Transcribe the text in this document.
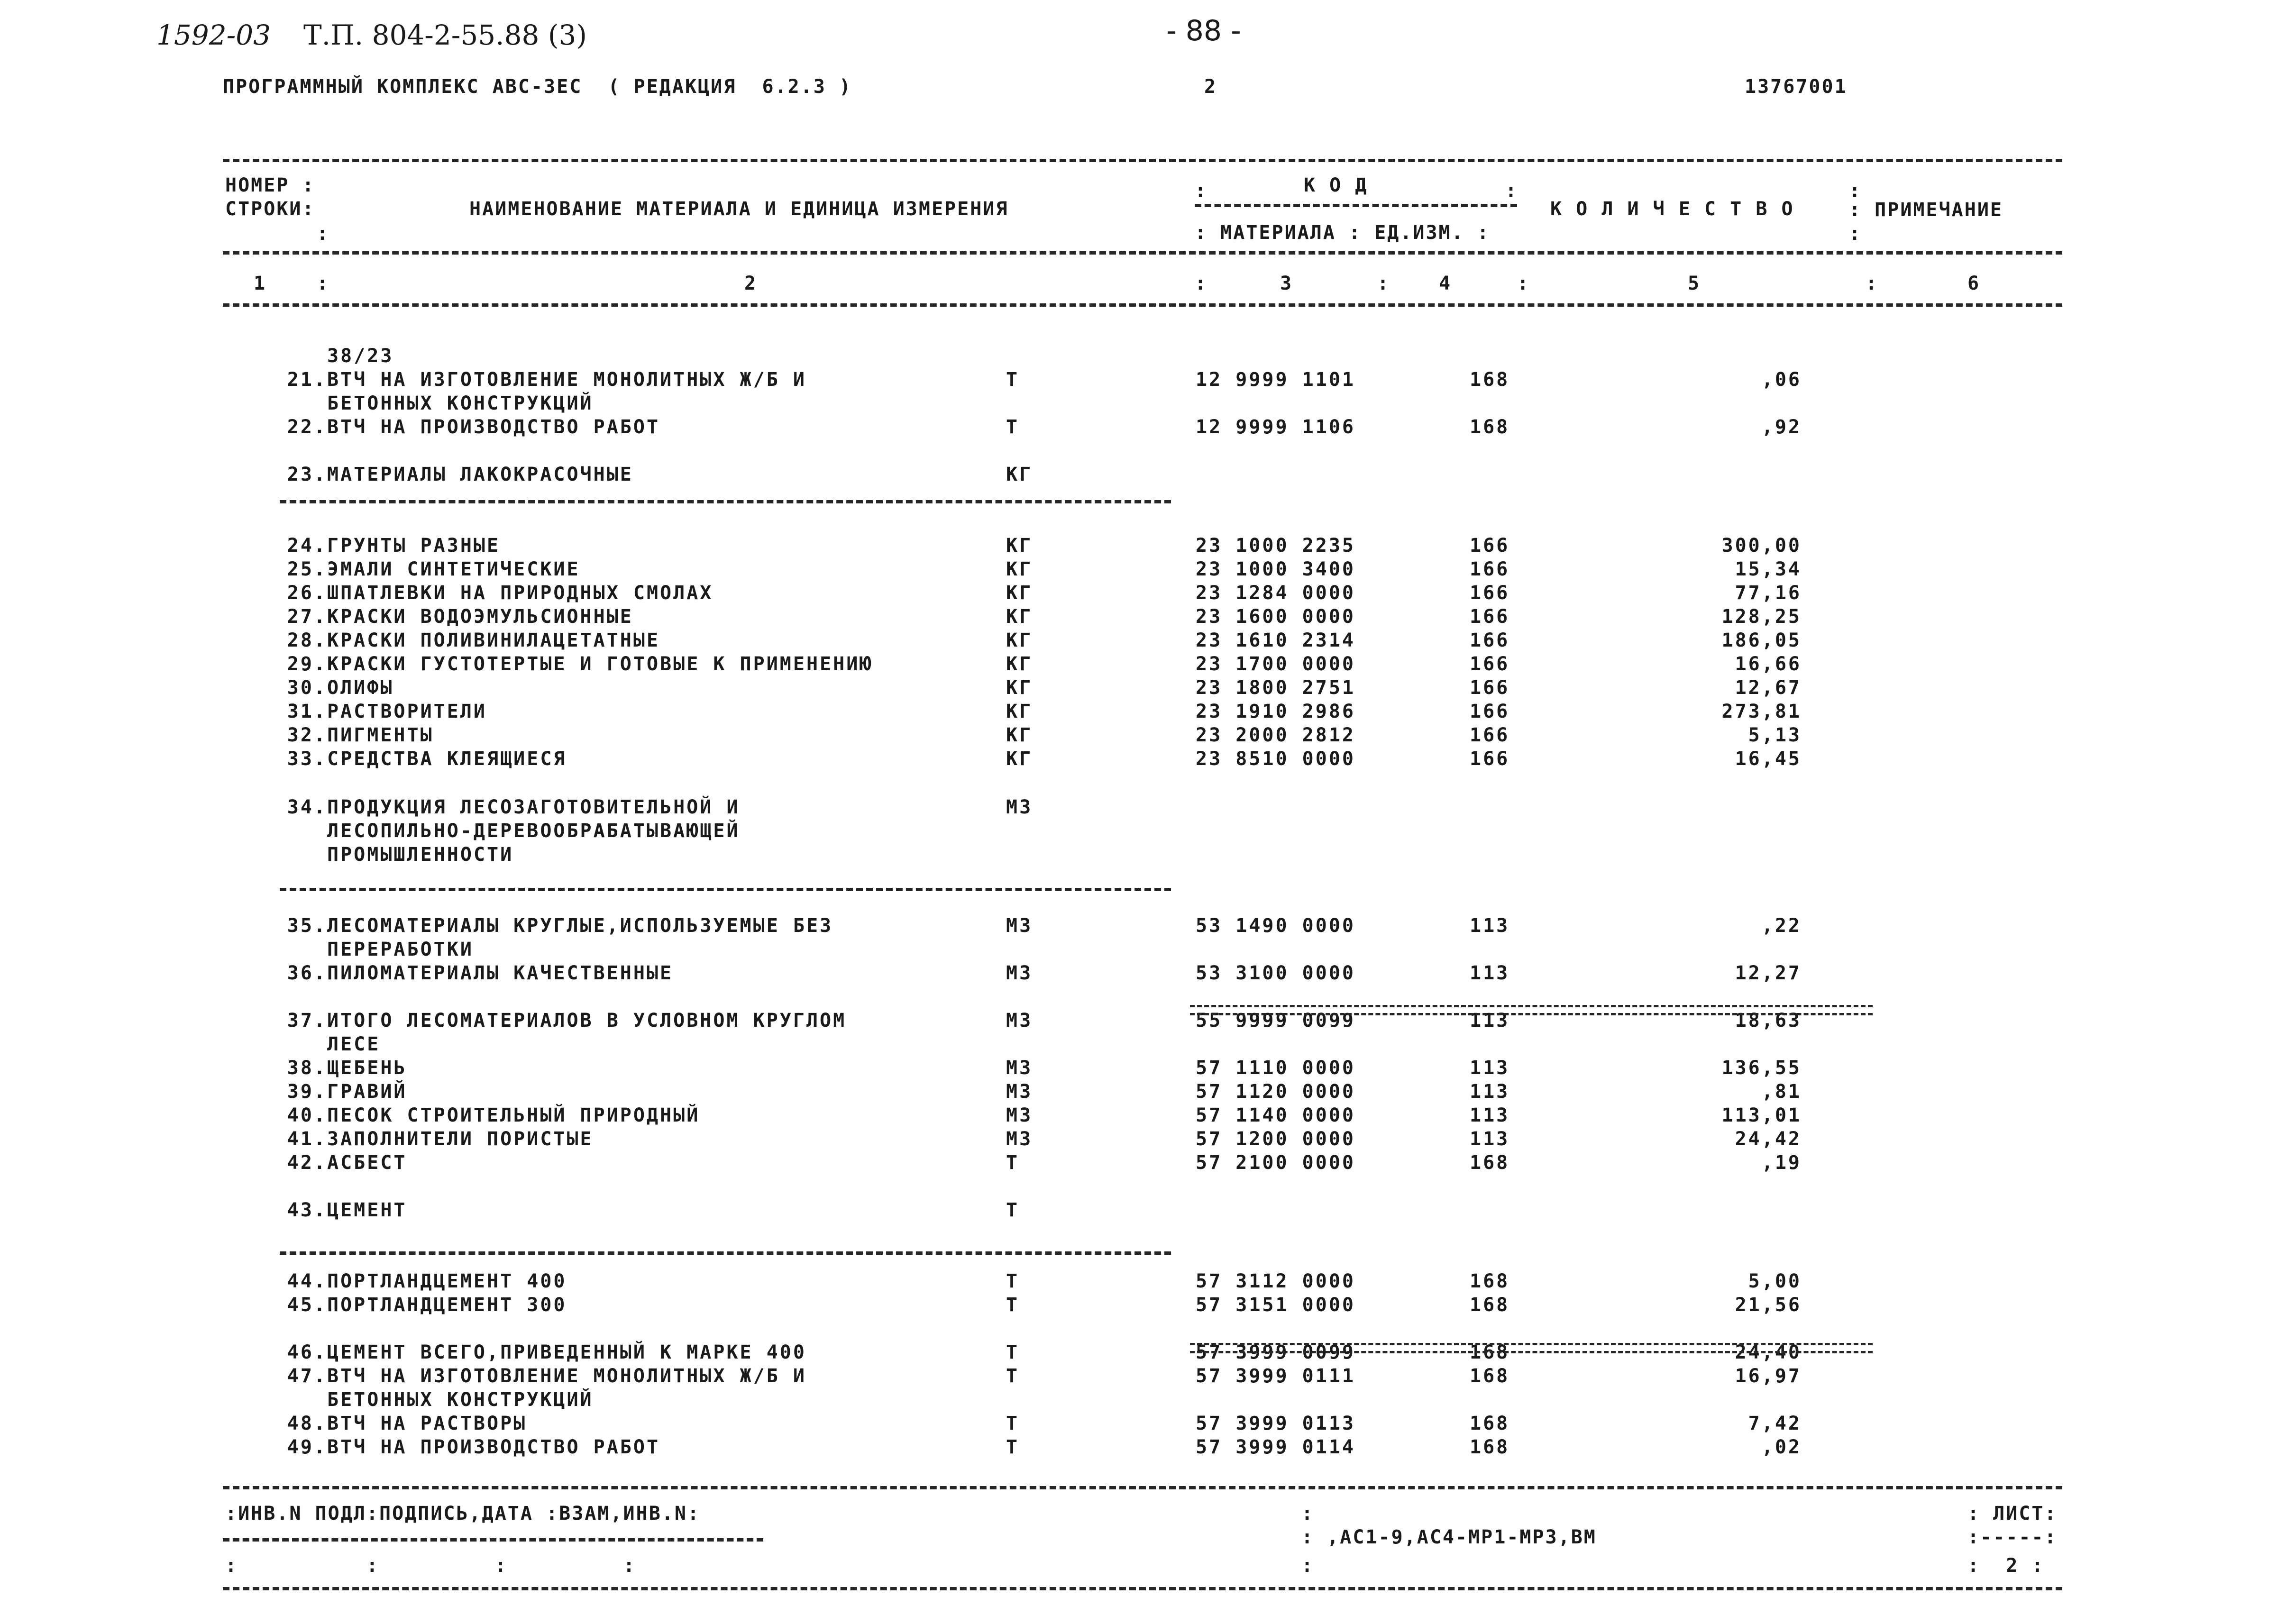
1592-03 Т.П. 804-2-55.88 (3)	- 88 -
ПРОГРАММНЫЙ КОМПЛЕКС АВС-3ЕС  ( РЕДАКЦИЯ  6.2.3 )	2	13767001
НОМЕР :
СТРОКИ:
:
НАИМЕНОВАНИЕ МАТЕРИАЛА И ЕДИНИЦА ИЗМЕРЕНИЯ
:	К О Д	:
: МАТЕРИАЛА : ЕД.ИЗМ. :
К О Л И Ч Е С Т В О
:
: ПРИМЕЧАНИЕ
:
1	:	2	:	3	:	4	:	5	:	6
38/23
21. ВТЧ НА ИЗГОТОВЛЕНИЕ МОНОЛИТНЫХ Ж/Б И	Т	12 9999 1101	168	,06
БЕТОННЫХ КОНСТРУКЦИЙ
22. ВТЧ НА ПРОИЗВОДСТВО РАБОТ	Т	12 9999 1106	168	,92
23. МАТЕРИАЛЫ ЛАКОКРАСОЧНЫЕ	КГ
24. ГРУНТЫ РАЗНЫЕ	КГ	23 1000 2235	166	300,00
25. ЭМАЛИ СИНТЕТИЧЕСКИЕ	КГ	23 1000 3400	166	15,34
26. ШПАТЛЕВКИ НА ПРИРОДНЫХ СМОЛАХ	КГ	23 1284 0000	166	77,16
27. КРАСКИ ВОДОЭМУЛЬСИОННЫЕ	КГ	23 1600 0000	166	128,25
28. КРАСКИ ПОЛИВИНИЛАЦЕТАТНЫЕ	КГ	23 1610 2314	166	186,05
29. КРАСКИ ГУСТОТЕРТЫЕ И ГОТОВЫЕ К ПРИМЕНЕНИЮ	КГ	23 1700 0000	166	16,66
30. ОЛИФЫ	КГ	23 1800 2751	166	12,67
31. РАСТВОРИТЕЛИ	КГ	23 1910 2986	166	273,81
32. ПИГМЕНТЫ	КГ	23 2000 2812	166	5,13
33. СРЕДСТВА КЛЕЯЩИЕСЯ	КГ	23 8510 0000	166	16,45
34. ПРОДУКЦИЯ ЛЕСОЗАГОТОВИТЕЛЬНОЙ И	М3
ЛЕСОПИЛЬНО-ДЕРЕВООБРАБАТЫВАЮЩЕЙ
ПРОМЫШЛЕННОСТИ
35. ЛЕСОМАТЕРИАЛЫ КРУГЛЫЕ,ИСПОЛЬЗУЕМЫЕ БЕЗ	М3	53 1490 0000	113	,22
ПЕРЕРАБОТКИ
36. ПИЛОМАТЕРИАЛЫ КАЧЕСТВЕННЫЕ	М3	53 3100 0000	113	12,27
37. ИТОГО ЛЕСОМАТЕРИАЛОВ В УСЛОВНОМ КРУГЛОМ	М3	55 9999 0099	113	18,63
ЛЕСЕ
38. ЩЕБЕНЬ	М3	57 1110 0000	113	136,55
39. ГРАВИЙ	М3	57 1120 0000	113	,81
40. ПЕСОК СТРОИТЕЛЬНЫЙ ПРИРОДНЫЙ	М3	57 1140 0000	113	113,01
41. ЗАПОЛНИТЕЛИ ПОРИСТЫЕ	М3	57 1200 0000	113	24,42
42. АСБЕСТ	Т	57 2100 0000	168	,19
43. ЦЕМЕНТ	Т
44. ПОРТЛАНДЦЕМЕНТ 400	Т	57 3112 0000	168	5,00
45. ПОРТЛАНДЦЕМЕНТ 300	Т	57 3151 0000	168	21,56
46. ЦЕМЕНТ ВСЕГО,ПРИВЕДЕННЫЙ К МАРКЕ 400	Т	57 3999 0099	168	24,40
47. ВТЧ НА ИЗГОТОВЛЕНИЕ МОНОЛИТНЫХ Ж/Б И	Т	57 3999 0111	168	16,97
БЕТОННЫХ КОНСТРУКЦИЙ
48. ВТЧ НА РАСТВОРЫ	Т	57 3999 0113	168	7,42
49. ВТЧ НА ПРОИЗВОДСТВО РАБОТ	Т	57 3999 0114	168	,02
:ИНВ.N ПОДЛ:ПОДПИСЬ,ДАТА :ВЗАМ,ИНВ.N:
:          :         :         :
:
: ,АС1-9,АС4-МР1-МР3,ВМ
:
: ЛИСТ:
:-----:
:  2 :
